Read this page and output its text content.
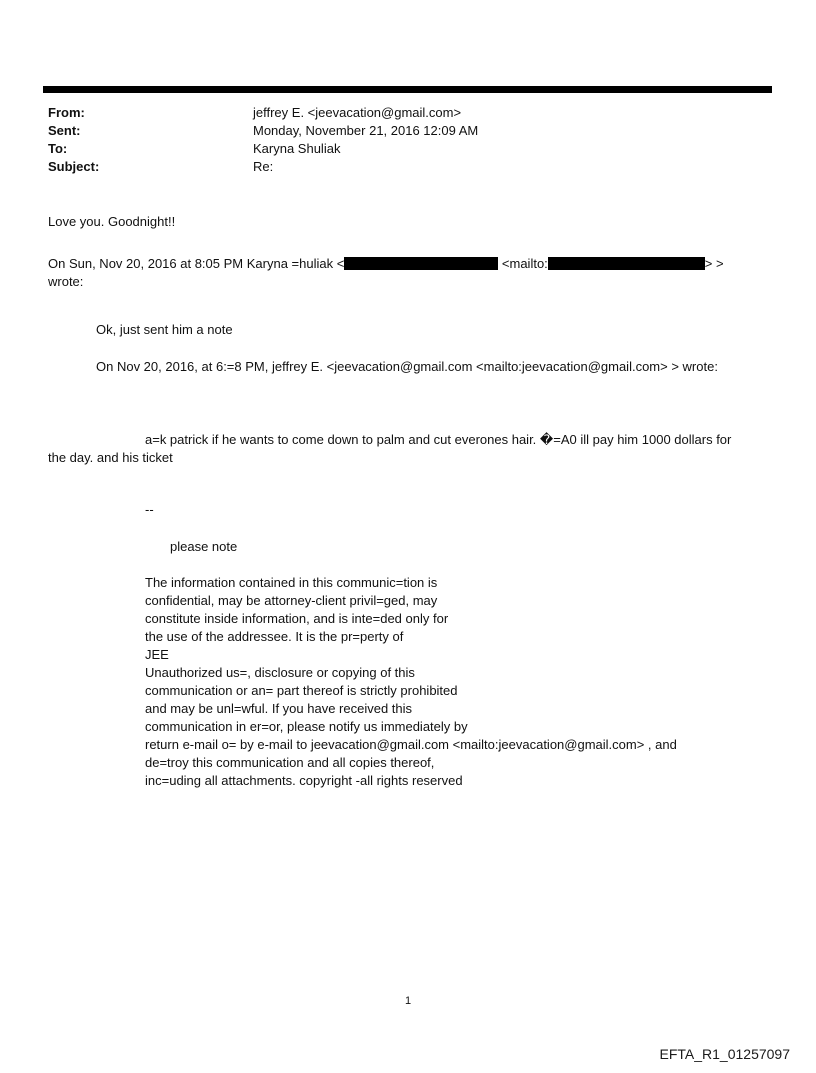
From:	jeffrey E. <jeevacation@gmail.com>
Sent:	Monday, November 21, 2016 12:09 AM
To:	Karyna Shuliak
Subject:	Re:
Love you. Goodnight!!
On Sun, Nov 20, 2016 at 8:05 PM Karyna =huliak <	<mailto:	> >
wrote:
Ok, just sent him a note
On Nov 20, 2016, at 6:=8 PM, jeffrey E. <jeevacation@gmail.com <mailto:jeevacation@gmail.com> > wrote:
a=k patrick if he wants to come down to palm and cut everones hair. �=A0 ill pay him 1000 dollars for
the day. and his ticket
--
please note
The information contained in this communic=tion is
confidential, may be attorney-client privil=ged, may
constitute inside information, and is inte=ded only for
the use of the addressee. It is the pr=perty of
JEE
Unauthorized us=, disclosure or copying of this
communication or an= part thereof is strictly prohibited
and may be unl=wful. If you have received this
communication in er=or, please notify us immediately by
return e-mail o= by e-mail to jeevacation@gmail.com <mailto:jeevacation@gmail.com> , and
de=troy this communication and all copies thereof,
inc=uding all attachments. copyright -all rights reserved
1
EFTA_R1_01257097
